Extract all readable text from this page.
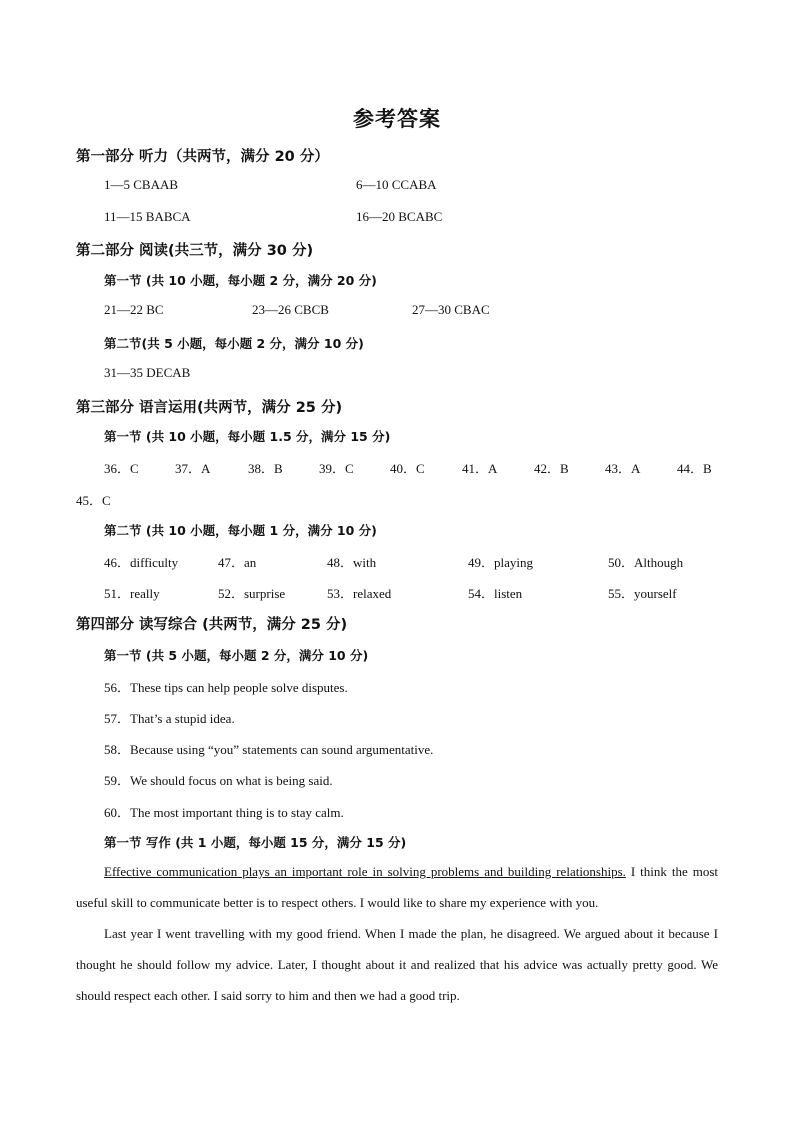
参考答案
第一部分 听力（共两节，满分 20 分）
1—5 CBAAB	6—10 CCABA
11—15 BABCA	16—20 BCABC
第二部分 阅读(共三节，满分 30 分)
第一节 (共 10 小题，每小题 2 分，满分 20 分)
21—22 BC	23—26 CBCB	27—30 CBAC
第二节(共 5 小题，每小题 2 分，满分 10 分)
31—35 DECAB
第三部分 语言运用(共两节，满分 25 分)
第一节 (共 10 小题，每小题 1.5 分，满分 15 分)
36．C	37．A	38．B	39．C	40．C	41．A	42．B	43．A	44．B
45．C
第二节 (共 10 小题，每小题 1 分，满分 10 分)
46．difficulty	47．an	48．with	49．playing	50．Although
51．really	52．surprise	53．relaxed	54．listen	55．yourself
第四部分 读写综合 (共两节，满分 25 分)
第一节 (共 5 小题，每小题 2 分，满分 10 分)
56．These tips can help people solve disputes.
57．That’s a stupid idea.
58．Because using “you” statements can sound argumentative.
59．We should focus on what is being said.
60．The most important thing is to stay calm.
第一节 写作 (共 1 小题，每小题 15 分，满分 15 分)
Effective communication plays an important role in solving problems and building relationships. I think the most useful skill to communicate better is to respect others. I would like to share my experience with you.
Last year I went travelling with my good friend. When I made the plan, he disagreed. We argued about it because I thought he should follow my advice. Later, I thought about it and realized that his advice was actually pretty good. We should respect each other. I said sorry to him and then we had a good trip.
